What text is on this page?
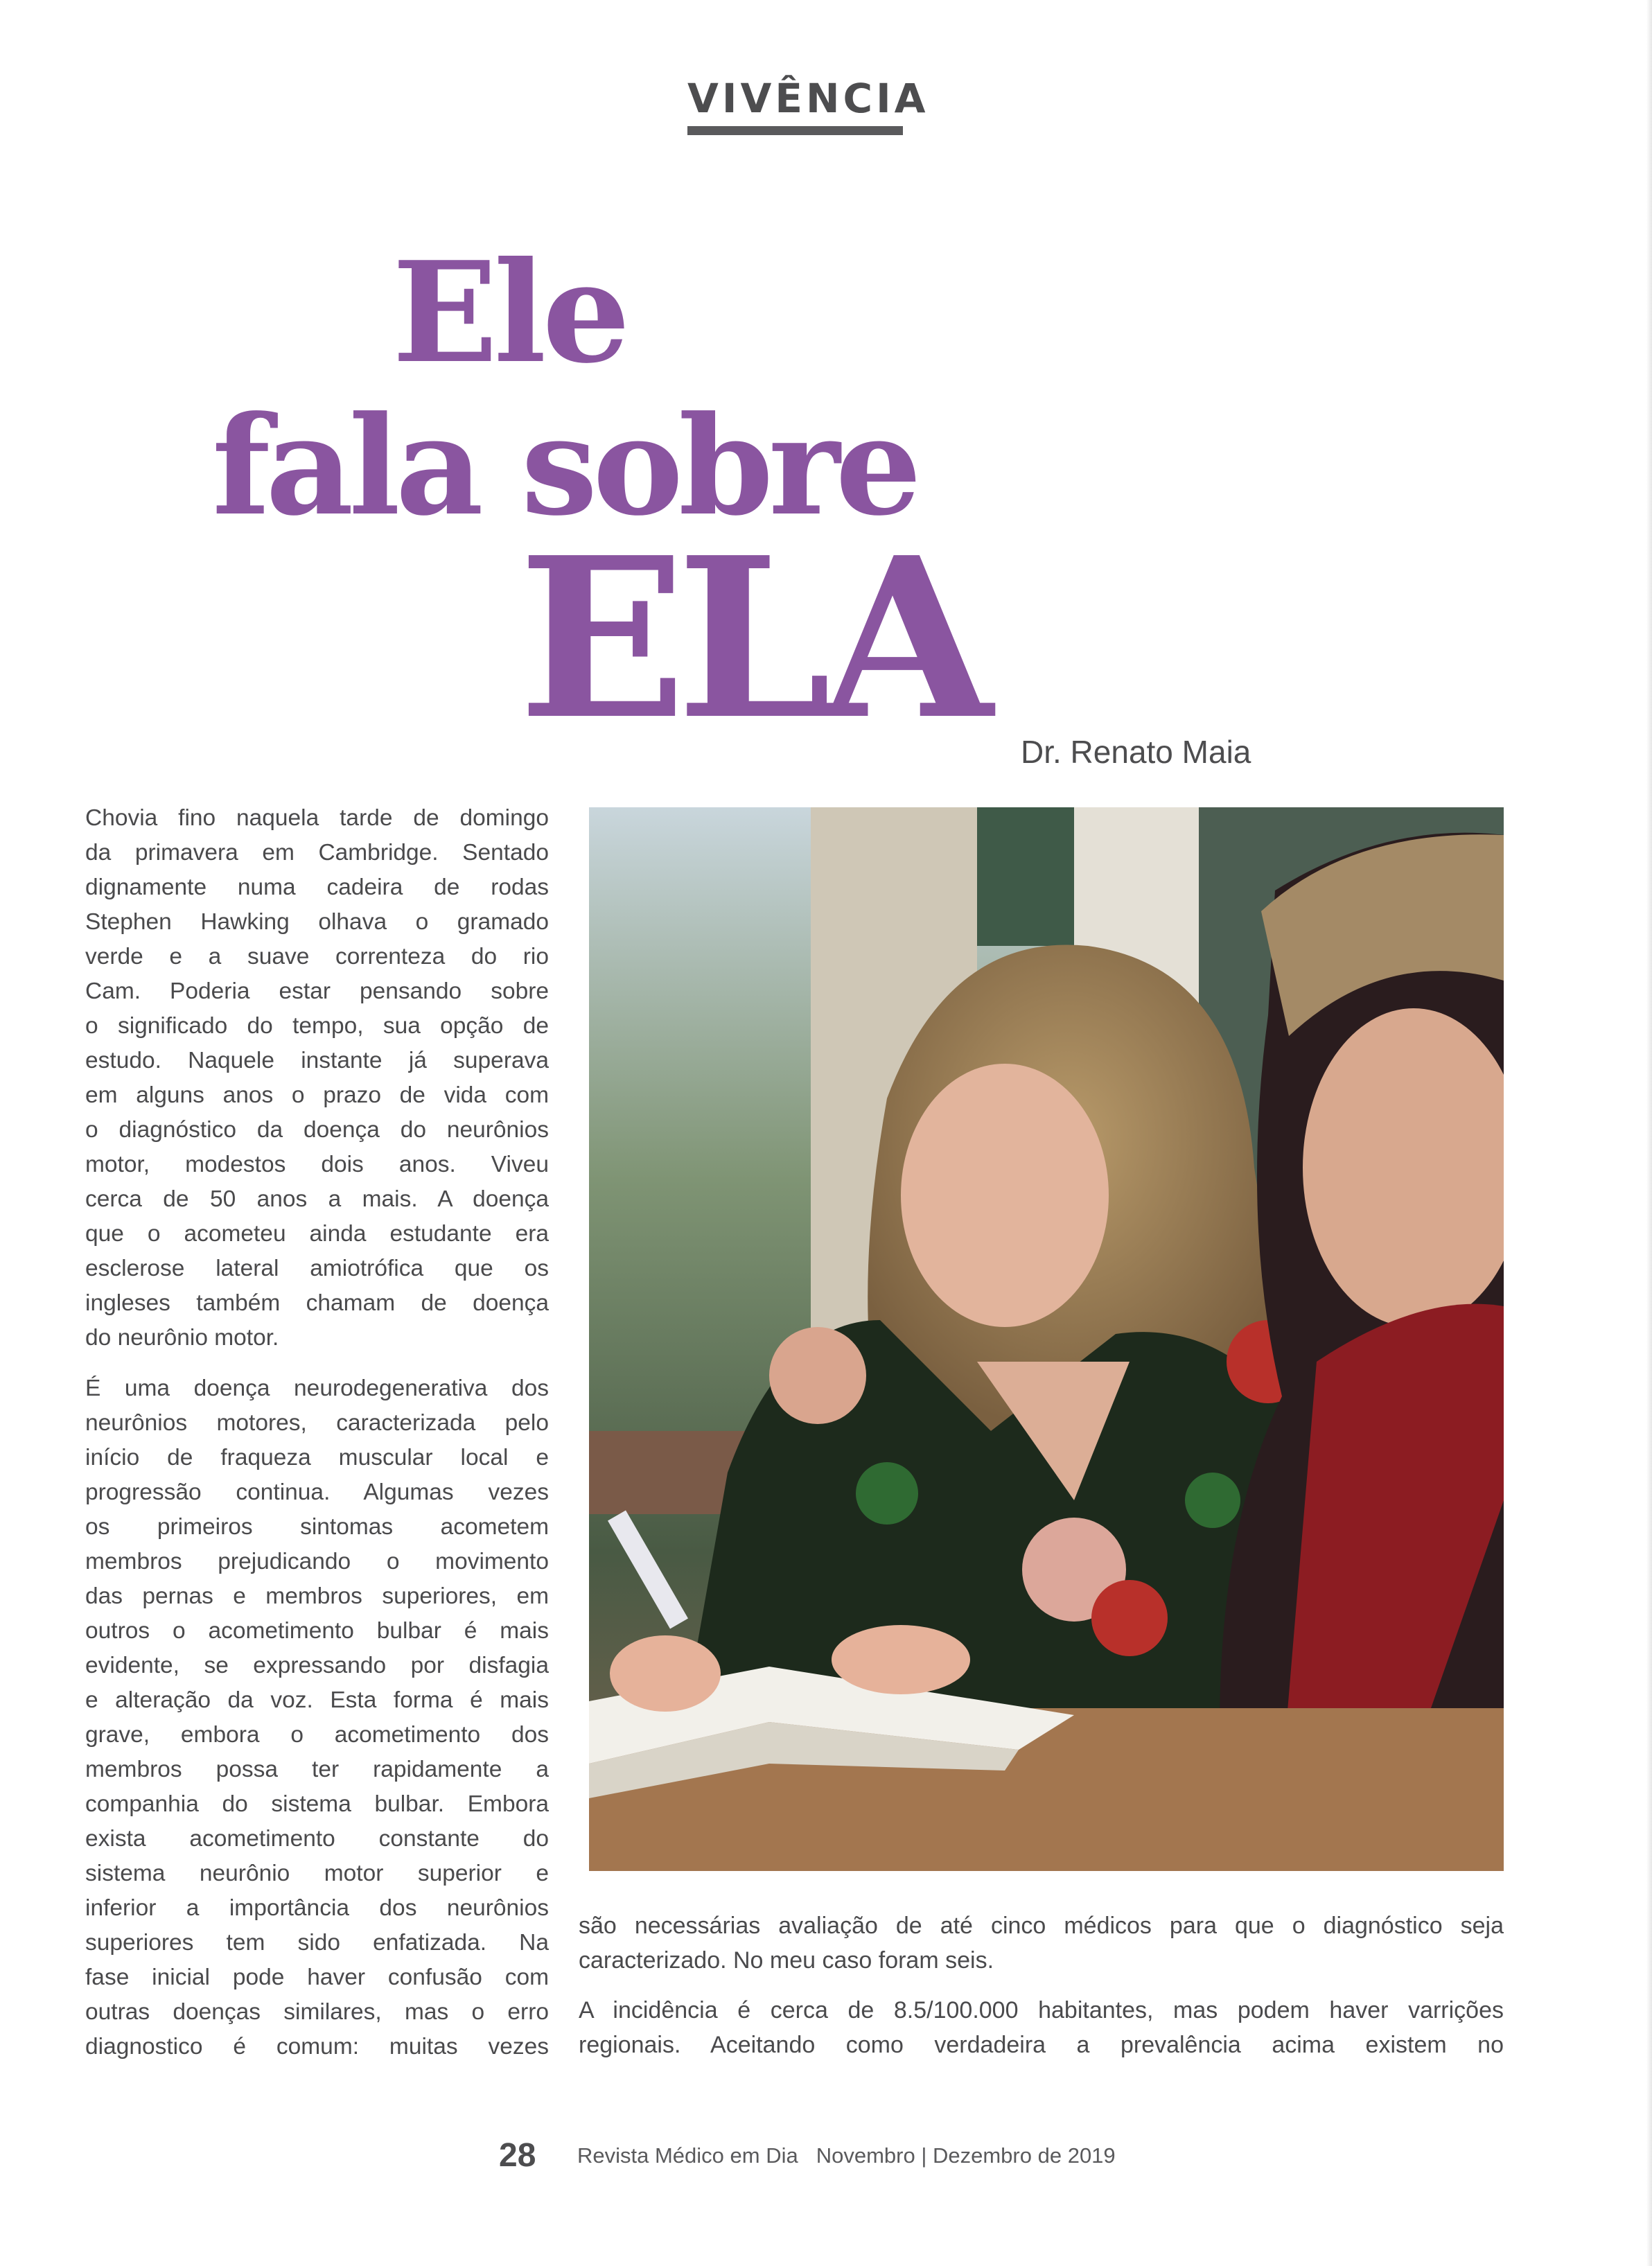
VIVÊNCIA
Ele
fala sobre
ELA Dr. Renato Maia
Chovia fino naquela tarde de domingo
da primavera em Cambridge. Sentado
dignamente numa cadeira de rodas
Stephen Hawking olhava o gramado
verde e a suave correnteza do rio
Cam. Poderia estar pensando sobre
o significado do tempo, sua opção de
estudo. Naquele instante já superava
em alguns anos o prazo de vida com
o diagnóstico da doença do neurônios
motor, modestos dois anos. Viveu
cerca de 50 anos a mais. A doença
que o acometeu ainda estudante era
esclerose lateral amiotrófica que os
ingleses também chamam de doença
do neurônio motor.
É uma doença neurodegenerativa dos
neurônios motores, caracterizada pelo
início de fraqueza muscular local e
progressão continua. Algumas vezes
os primeiros sintomas acometem
membros prejudicando o movimento
das pernas e membros superiores, em
outros o acometimento bulbar é mais
evidente, se expressando por disfagia
e alteração da voz. Esta forma é mais
grave, embora o acometimento dos
membros possa ter rapidamente a
companhia do sistema bulbar. Embora
exista acometimento constante do
sistema neurônio motor superior e
inferior a importância dos neurônios
superiores tem sido enfatizada. Na
fase inicial pode haver confusão com
outras doenças similares, mas o erro
diagnostico é comum: muitas vezes
são necessárias avaliação de até cinco médicos para que o diagnóstico seja
caracterizado. No meu caso foram seis.
A incidência é cerca de 8.5/100.000 habitantes, mas podem haver varrições
regionais. Aceitando como verdadeira a prevalência acima existem no
28 Revista Médico em Dia Novembro | Dezembro de 2019
